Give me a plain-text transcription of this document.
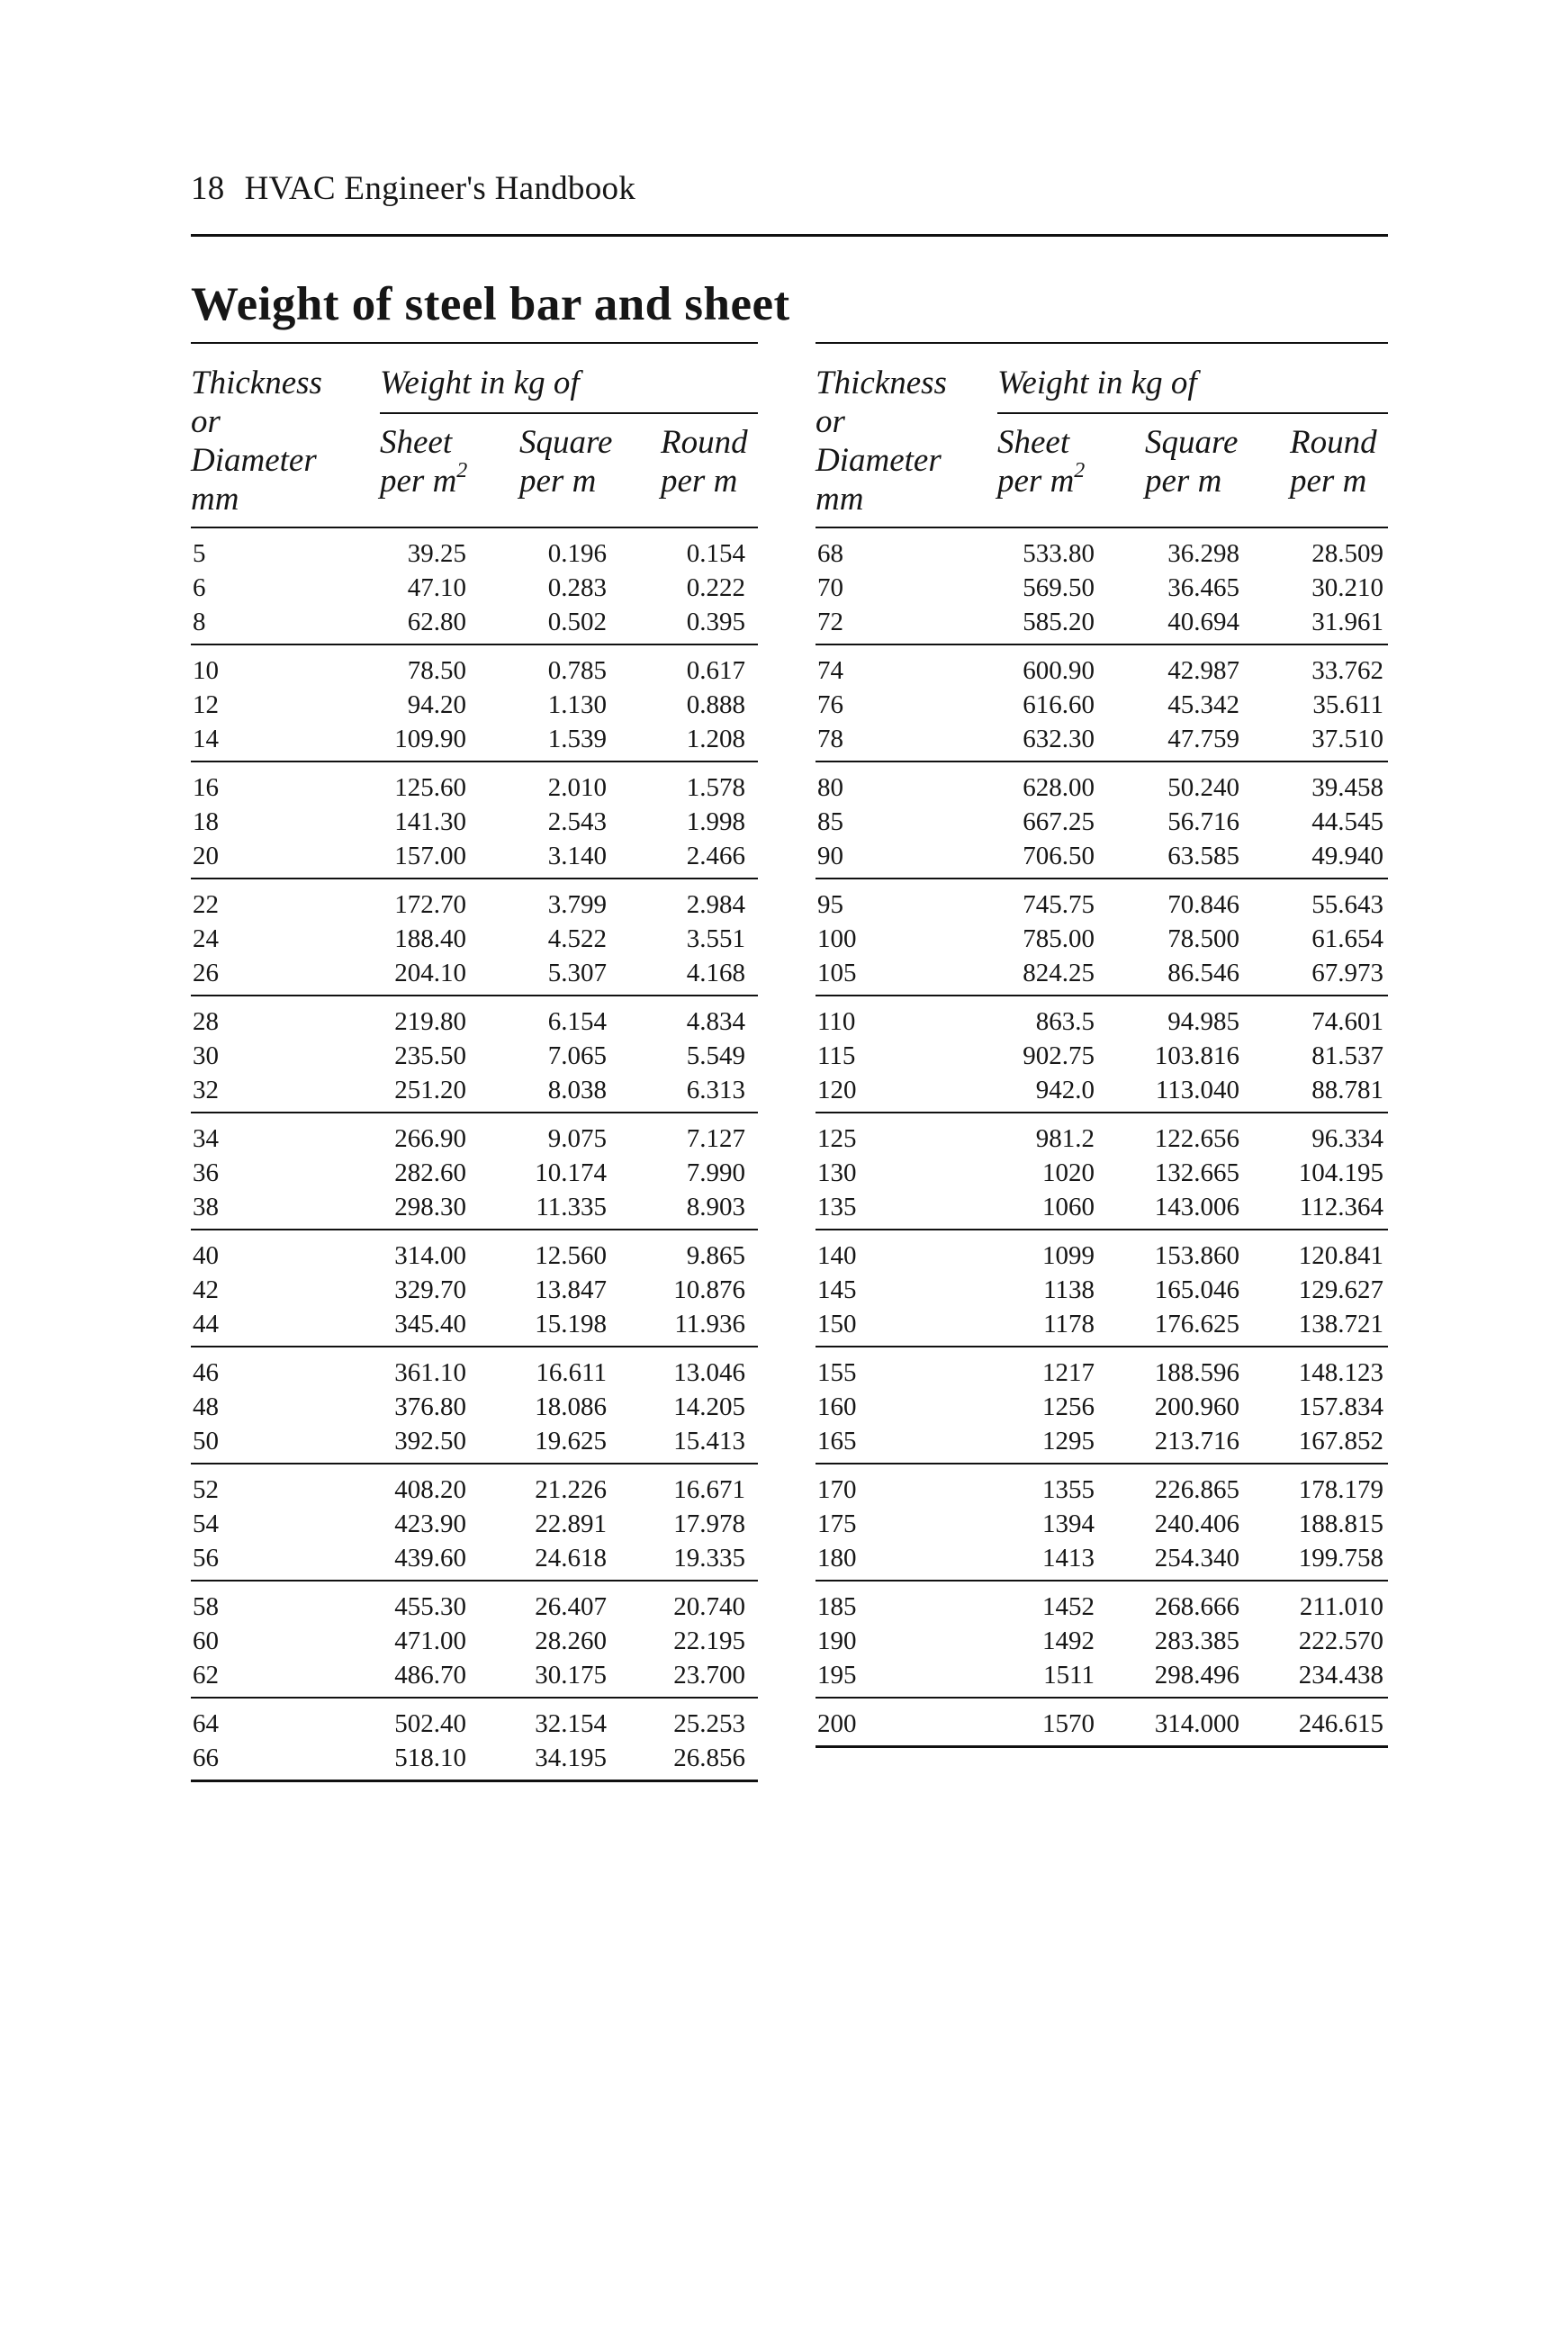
18 HVAC Engineer's Handbook
Weight of steel bar and sheet
Thickness
or
Diameter
mm
Weight in kg of
Sheet
per $m^2$
Square
per m
Round
per m
5	39.25	0.196	0.154
6	47.10	0.283	0.222
8	62.80	0.502	0.395
10	78.50	0.785	0.617
12	94.20	1.130	0.888
14	109.90	1.539	1.208
16	125.60	2.010	1.578
18	141.30	2.543	1.998
20	157.00	3.140	2.466
22	172.70	3.799	2.984
24	188.40	4.522	3.551
26	204.10	5.307	4.168
28	219.80	6.154	4.834
30	235.50	7.065	5.549
32	251.20	8.038	6.313
34	266.90	9.075	7.127
36	282.60	10.174	7.990
38	298.30	11.335	8.903
40	314.00	12.560	9.865
42	329.70	13.847	10.876
44	345.40	15.198	11.936
46	361.10	16.611	13.046
48	376.80	18.086	14.205
50	392.50	19.625	15.413
52	408.20	21.226	16.671
54	423.90	22.891	17.978
56	439.60	24.618	19.335
58	455.30	26.407	20.740
60	471.00	28.260	22.195
62	486.70	30.175	23.700
64	502.40	32.154	25.253
66	518.10	34.195	26.856
Thickness
or
Diameter
mm
Weight in kg of
Sheet
per $m^2$
Square
per m
Round
per m
68	533.80	36.298	28.509
70	569.50	36.465	30.210
72	585.20	40.694	31.961
74	600.90	42.987	33.762
76	616.60	45.342	35.611
78	632.30	47.759	37.510
80	628.00	50.240	39.458
85	667.25	56.716	44.545
90	706.50	63.585	49.940
95	745.75	70.846	55.643
100	785.00	78.500	61.654
105	824.25	86.546	67.973
110	863.5	94.985	74.601
115	902.75 103.816	81.537
120	942.0 113.040	88.781
125	981.2 122.656	96.334
130	1020 132.665 104.195
135	1060 143.006 112.364
140	1099 153.860 120.841
145	1138 165.046 129.627
150	1178 176.625 138.721
155	1217 188.596 148.123
160	1256 200.960 157.834
165	1295 213.716 167.852
170	1355 226.865 178.179
175	1394 240.406 188.815
180	1413 254.340 199.758
185	1452 268.666 211.010
190	1492 283.385 222.570
195	1511 298.496 234.438
200	1570 314.000 246.615
